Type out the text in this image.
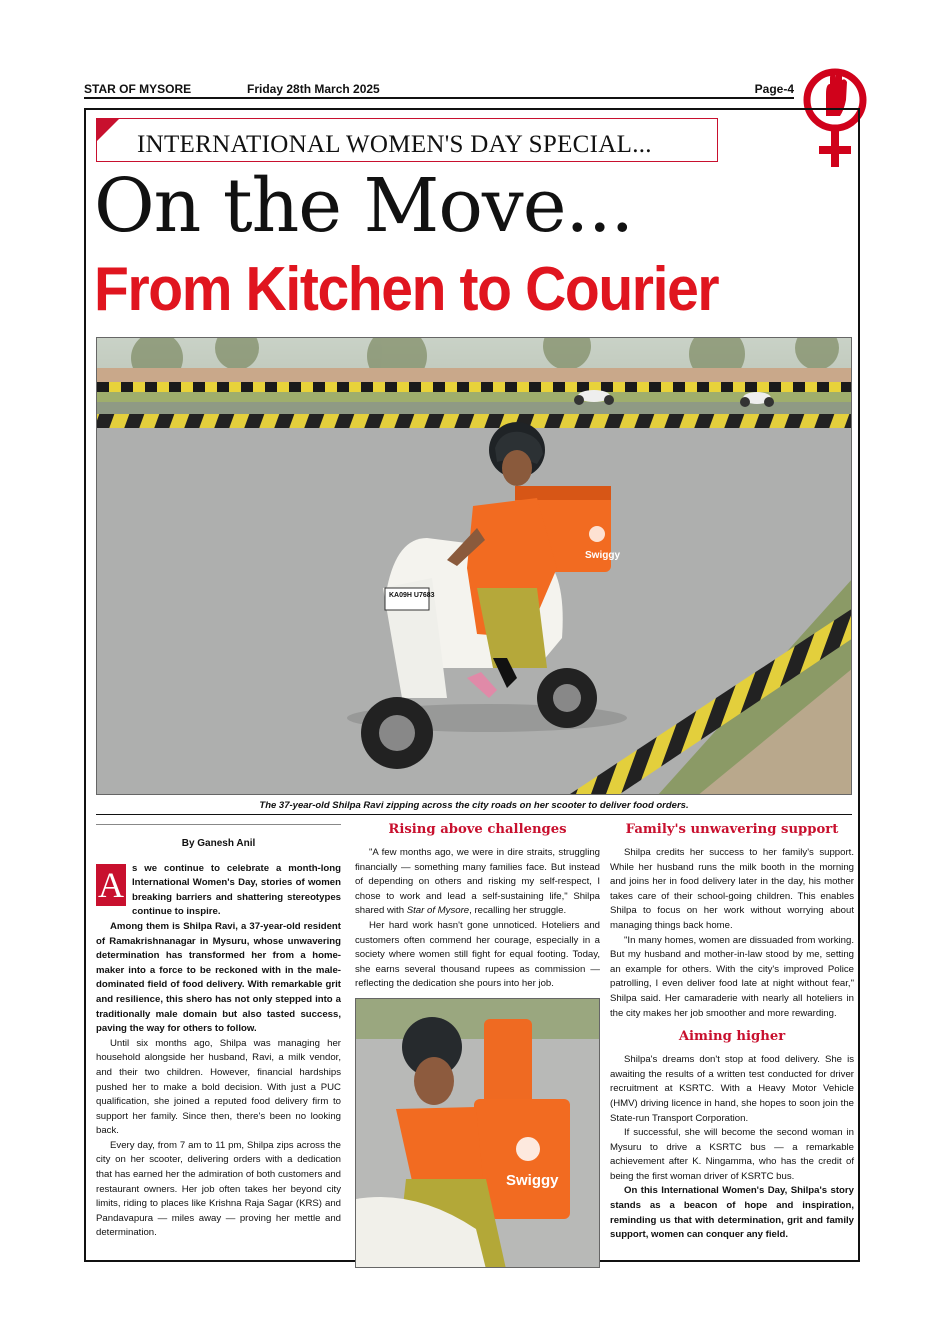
STAR OF MYSORE	Friday 28th March 2025	Page-4
INTERNATIONAL WOMEN'S DAY SPECIAL...
On the Move...
From Kitchen to Courier
Swiggy
KA09H U7683
The 37-year-old Shilpa Ravi zipping across the city roads on her scooter to deliver food orders.
By Ganesh Anil
A s we continue to celebrate a month-long International Women's Day, stories of women breaking barriers and shattering stereotypes continue to inspire.

Among them is Shilpa Ravi, a 37-year-old resident of Ramakrishnanagar in Mysuru, whose unwavering determination has transformed her from a home-maker into a force to be reckoned with in the male-dominated field of food delivery. With remarkable grit and resilience, this shero has not only stepped into a traditionally male domain but also tasted success, paving the way for others to follow.

Until six months ago, Shilpa was managing her household alongside her husband, Ravi, a milk vendor, and their two children. However, financial hardships pushed her to make a bold decision. With just a PUC qualification, she joined a reputed food delivery firm to support her family. Since then, there's been no looking back.

Every day, from 7 am to 11 pm, Shilpa zips across the city on her scooter, delivering orders with a dedication that has earned her the admiration of both customers and restaurant owners. Her job often takes her beyond city limits, riding to places like Krishna Raja Sagar (KRS) and Pandavapura — miles away — proving her mettle and determination.

Rising above challenges

"A few months ago, we were in dire straits, struggling financially — something many families face. But instead of depending on others and risking my self-respect, I chose to work and lead a self-sustaining life," Shilpa shared with Star of Mysore, recalling her struggle.

Her hard work hasn't gone unnoticed. Hoteliers and customers often commend her courage, especially in a society where women still fight for equal footing. Today, she earns several thousand rupees as commission — reflecting the dedication she pours into her job.

Swiggy
Family's unwavering support

Shilpa credits her success to her family's support. While her husband runs the milk booth in the morning and joins her in food delivery later in the day, his mother takes care of their school-going children. This enables Shilpa to focus on her work without worrying about managing things back home.

"In many homes, women are dissuaded from working. But my husband and mother-in-law stood by me, setting an example for others. With the city's improved Police patrolling, I even deliver food late at night without fear," Shilpa said. Her camaraderie with nearly all hoteliers in the city makes her job smoother and more rewarding.

Aiming higher

Shilpa's dreams don't stop at food delivery. She is awaiting the results of a written test conducted for driver recruitment at KSRTC. With a Heavy Motor Vehicle (HMV) driving licence in hand, she hopes to soon join the State-run Transport Corporation.

If successful, she will become the second woman in Mysuru to drive a KSRTC bus — a remarkable achievement after K. Ningamma, who has the credit of being the first woman driver of KSRTC bus.

On this International Women's Day, Shilpa's story stands as a beacon of hope and inspiration, reminding us that with determination, grit and family support, women can conquer any field.
